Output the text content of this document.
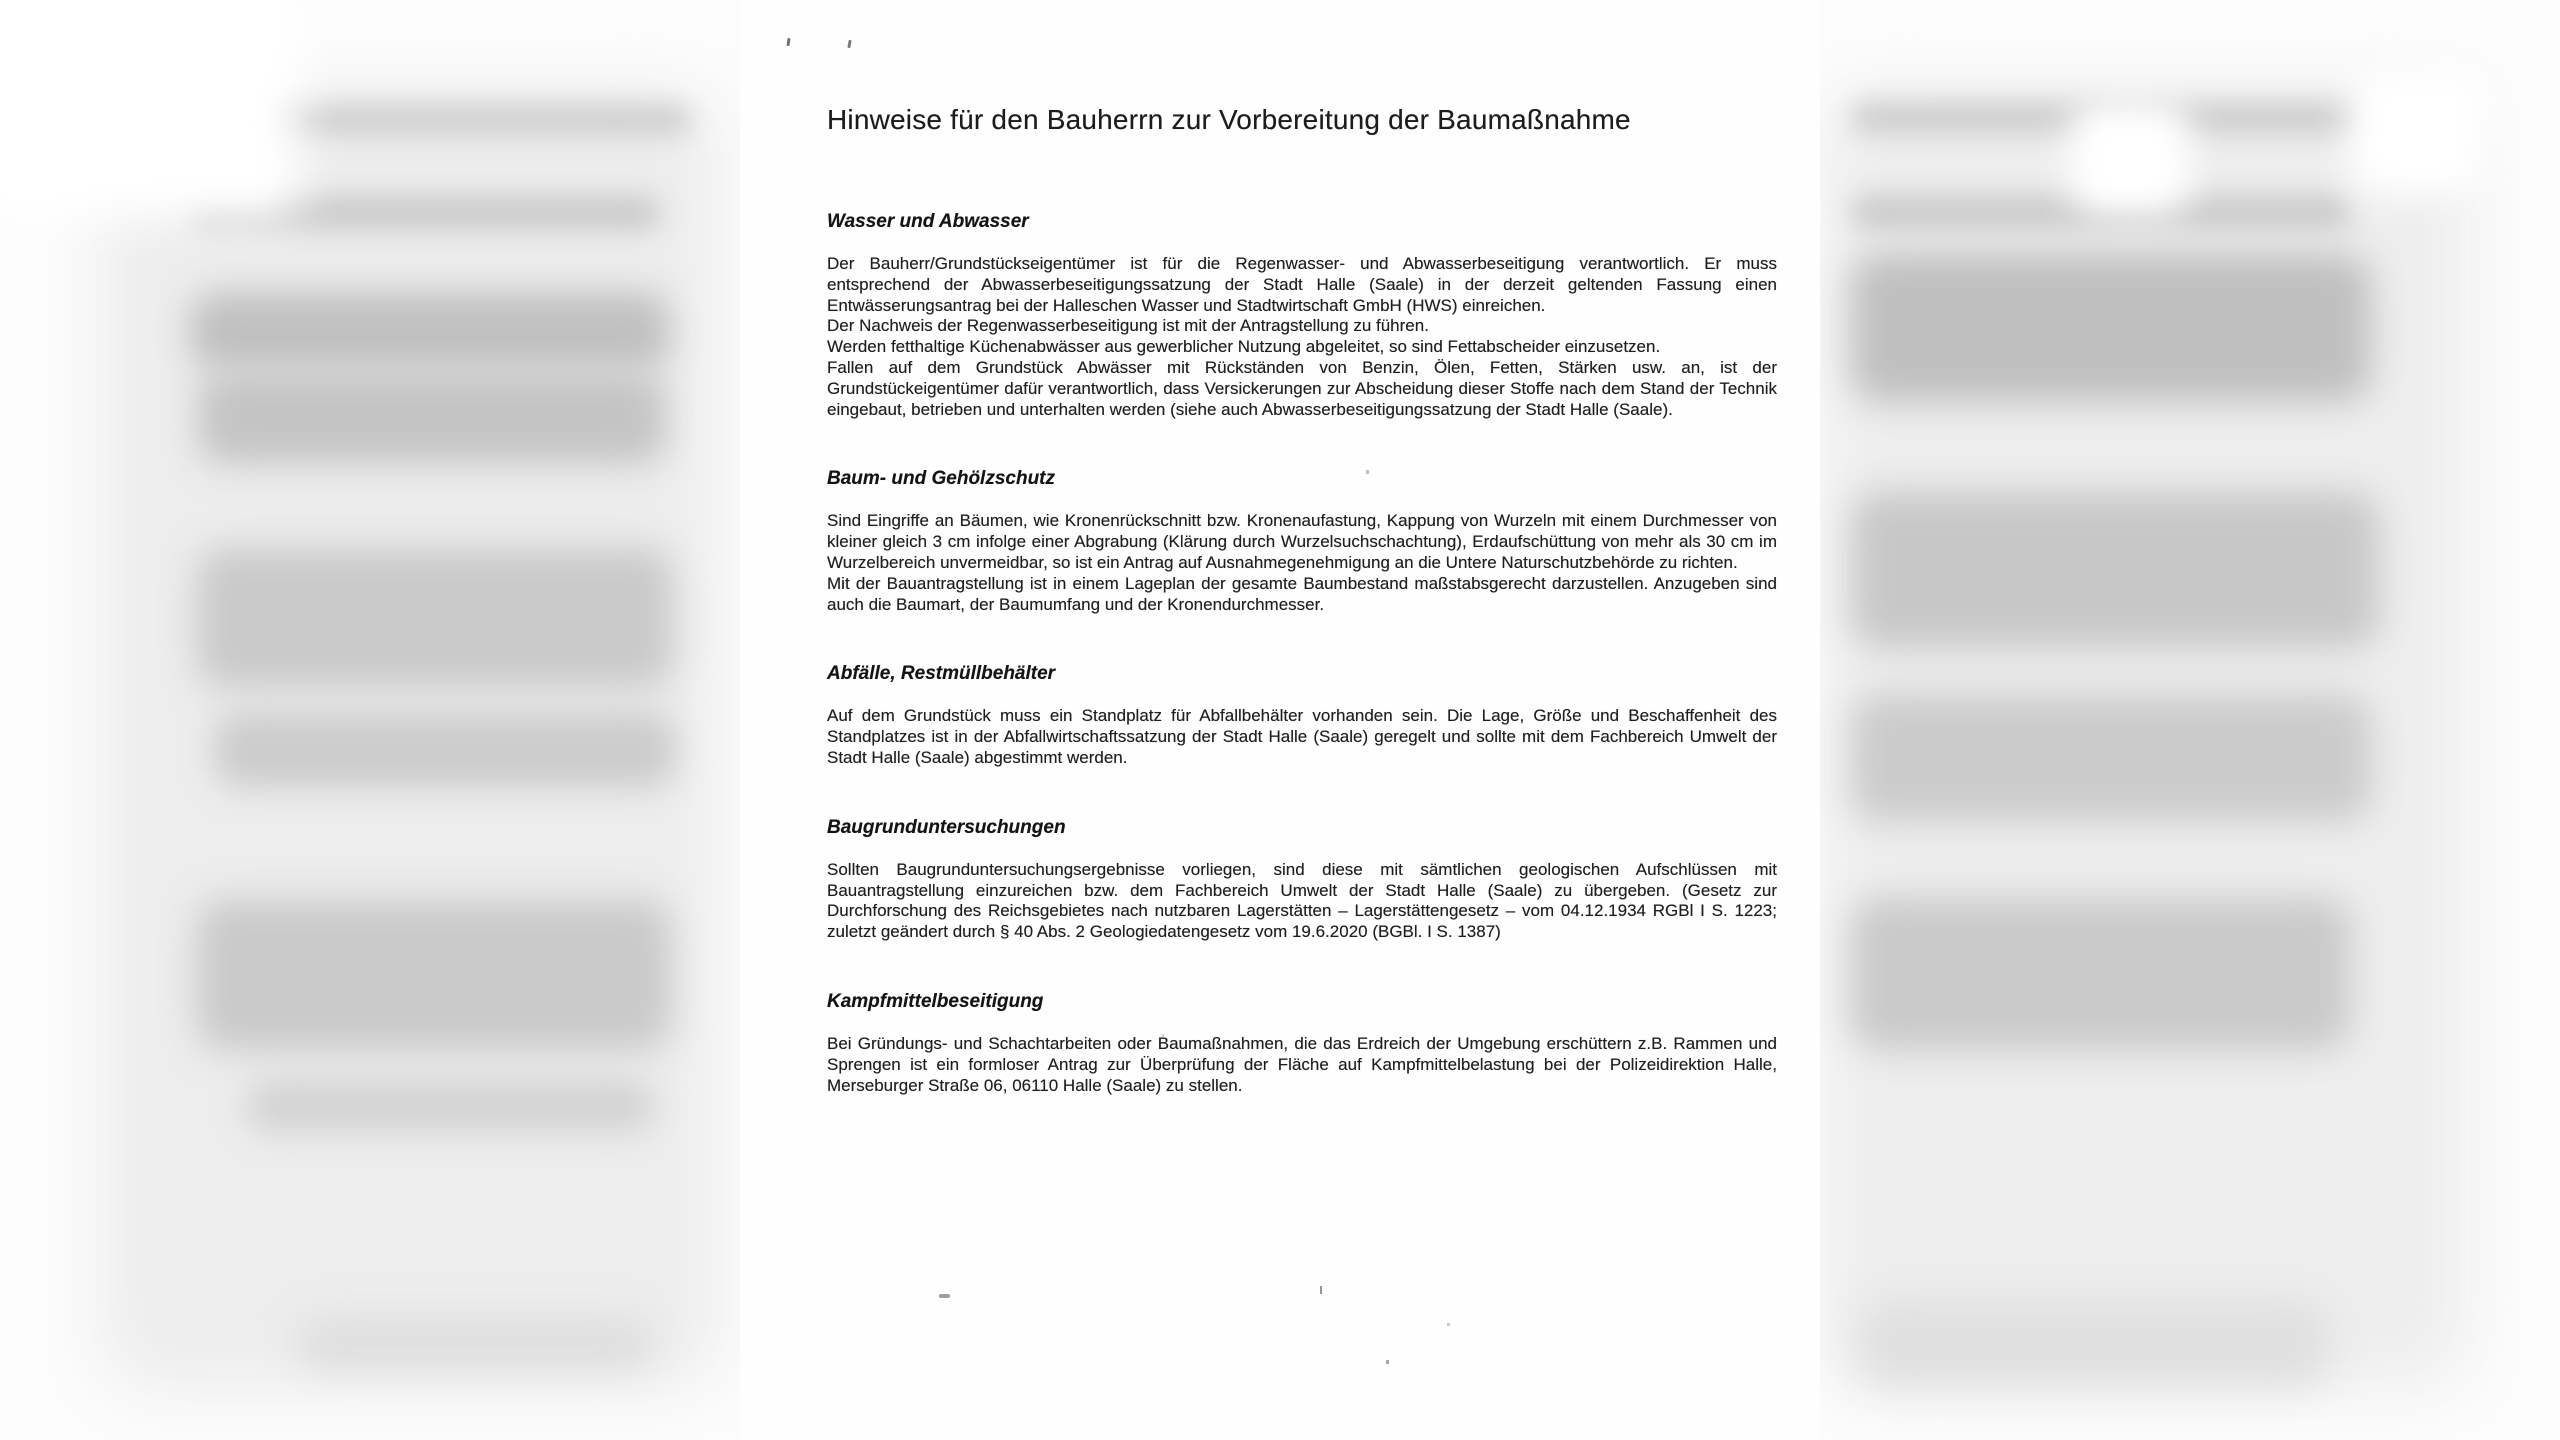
Hinweise für den Bauherrn zur Vorbereitung der Baumaßnahme
Wasser und Abwasser

Der Bauherr/Grundstückseigentümer ist für die Regenwasser- und Abwasserbeseitigung verantwortlich. Er muss entsprechend der Abwasserbeseitigungssatzung der Stadt Halle (Saale) in der derzeit geltenden Fassung einen Entwässerungsantrag bei der Halleschen Wasser und Stadtwirtschaft GmbH (HWS) einreichen.

Der Nachweis der Regenwasserbeseitigung ist mit der Antragstellung zu führen.

Werden fetthaltige Küchenabwässer aus gewerblicher Nutzung abgeleitet, so sind Fettabscheider einzusetzen.

Fallen auf dem Grundstück Abwässer mit Rückständen von Benzin, Ölen, Fetten, Stärken usw. an, ist der Grundstückeigentümer dafür verantwortlich, dass Versickerungen zur Abscheidung dieser Stoffe nach dem Stand der Technik eingebaut, betrieben und unterhalten werden (siehe auch Abwasserbeseitigungssatzung der Stadt Halle (Saale).

Baum- und Gehölzschutz

Sind Eingriffe an Bäumen, wie Kronenrückschnitt bzw. Kronenaufastung, Kappung von Wurzeln mit einem Durchmesser von kleiner gleich 3 cm infolge einer Abgrabung (Klärung durch Wurzelsuchschachtung), Erdaufschüttung von mehr als 30 cm im Wurzelbereich unvermeidbar, so ist ein Antrag auf Ausnahmegenehmigung an die Untere Naturschutzbehörde zu richten.

Mit der Bauantragstellung ist in einem Lageplan der gesamte Baumbestand maßstabsgerecht darzustellen. Anzugeben sind auch die Baumart, der Baumumfang und der Kronendurchmesser.

Abfälle, Restmüllbehälter

Auf dem Grundstück muss ein Standplatz für Abfallbehälter vorhanden sein. Die Lage, Größe und Beschaffenheit des Standplatzes ist in der Abfallwirtschaftssatzung der Stadt Halle (Saale) geregelt und sollte mit dem Fachbereich Umwelt der Stadt Halle (Saale) abgestimmt werden.

Baugrunduntersuchungen

Sollten Baugrunduntersuchungsergebnisse vorliegen, sind diese mit sämtlichen geologischen Aufschlüssen mit Bauantragstellung einzureichen bzw. dem Fachbereich Umwelt der Stadt Halle (Saale) zu übergeben. (Gesetz zur Durchforschung des Reichsgebietes nach nutzbaren Lagerstätten – Lagerstättengesetz – vom 04.12.1934 RGBl I S. 1223; zuletzt geändert durch § 40 Abs. 2 Geologiedatengesetz vom 19.6.2020 (BGBl. I S. 1387)

Kampfmittelbeseitigung

Bei Gründungs- und Schachtarbeiten oder Baumaßnahmen, die das Erdreich der Umgebung erschüttern z.B. Rammen und Sprengen ist ein formloser Antrag zur Überprüfung der Fläche auf Kampfmittelbelastung bei der Polizeidirektion Halle, Merseburger Straße 06, 06110 Halle (Saale) zu stellen.
